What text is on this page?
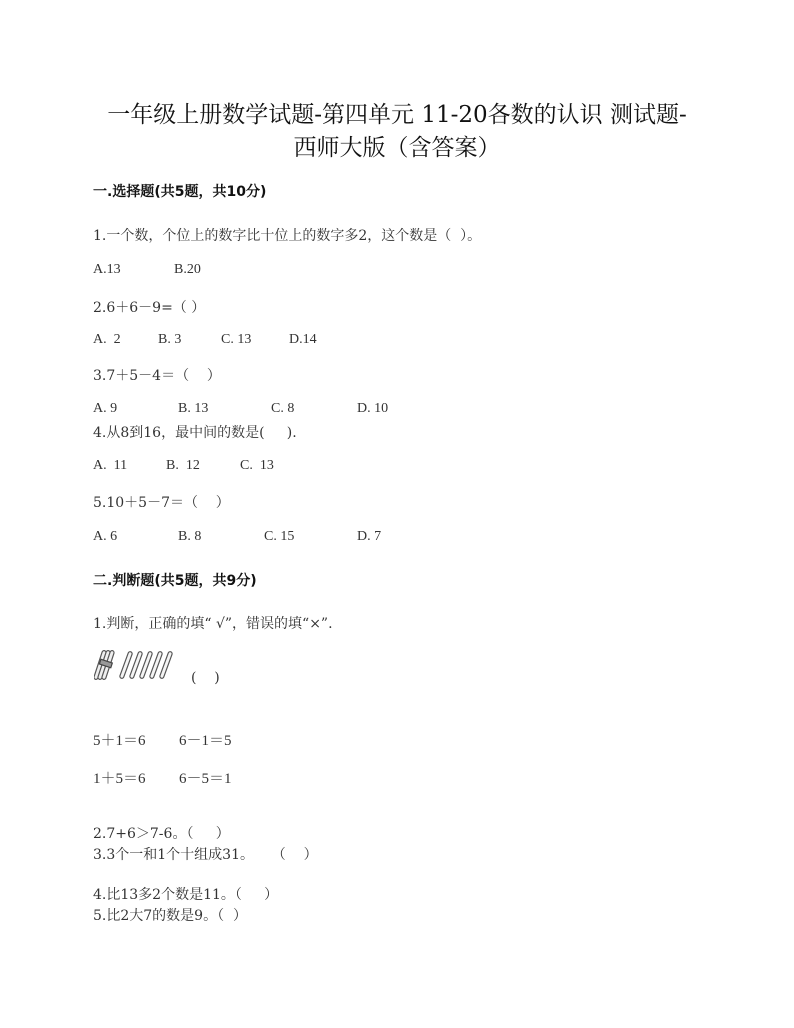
一年级上册数学试题-第四单元 11-20各数的认识 测试题-
西师大版（含答案）
一.选择题(共5题，共10分)
1.一个数，个位上的数字比十位上的数字多2，这个数是（  ）。
A.13	B.20
2.6＋6－9=（ ）
A.  2	B. 3	C. 13	D.14
3.7＋5－4＝（    ）
A. 9	B. 13	C. 8	D. 10
4.从8到16，最中间的数是(     ).
A.  11	B.  12	C.  13
5.10＋5－7＝（    ）
A. 6	B. 8	C. 15	D. 7
二.判断题(共5题，共9分)
1.判断，正确的填“ √”，错误的填“×”.
(    )
5＋1＝6 6－1＝5
1＋5＝6 6－5＝1
2.7+6＞7-6。（     ）
3.3个一和1个十组成31。    （    ）
4.比13多2个数是11。（     ）
5.比2大7的数是9。（  ）
